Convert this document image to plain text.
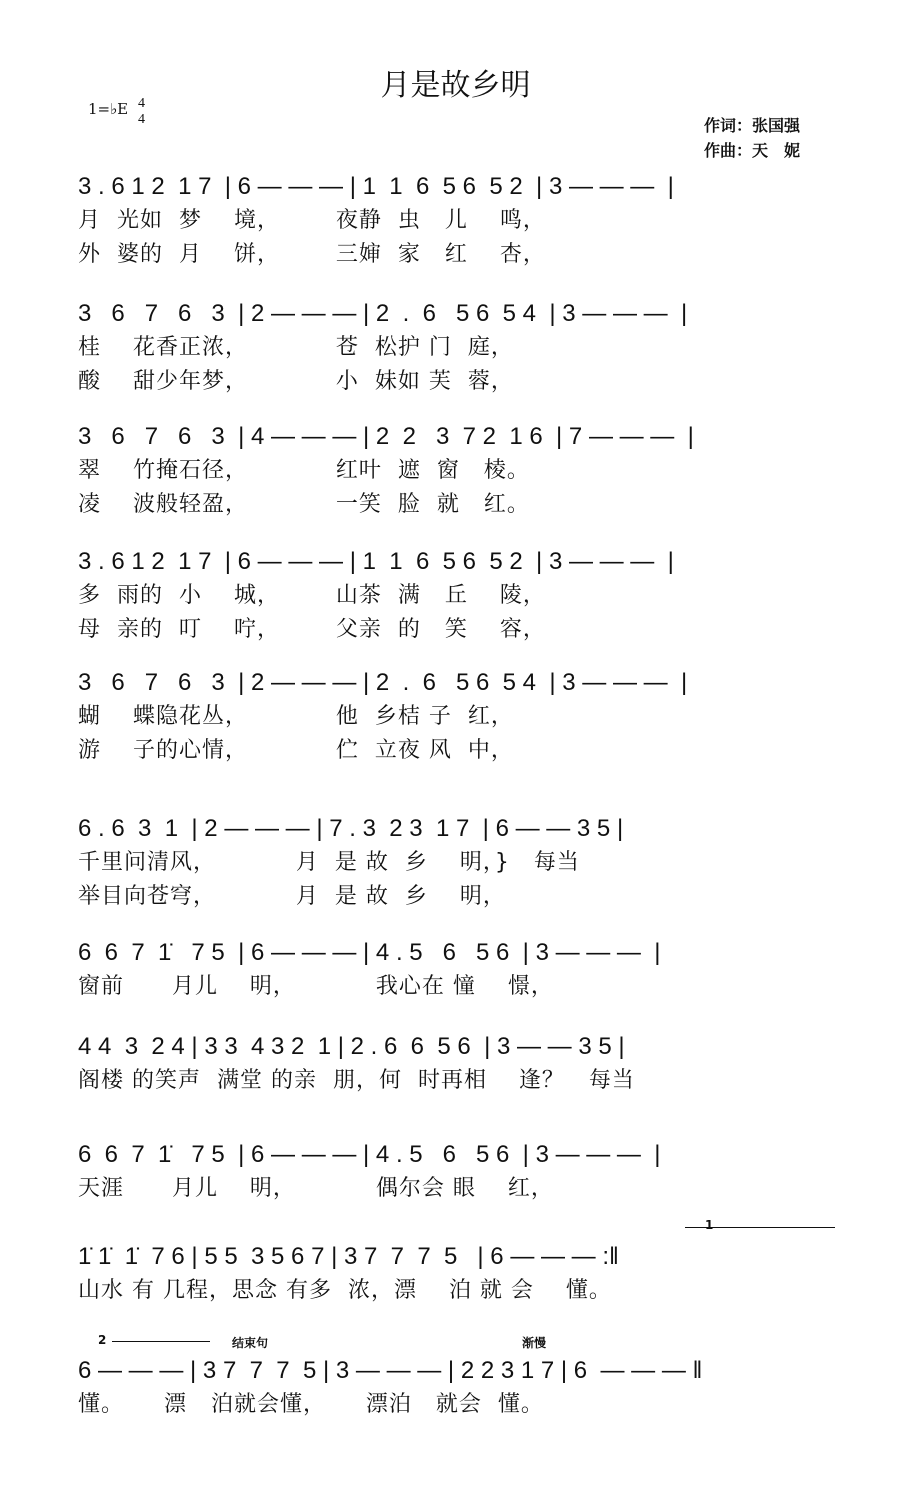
月是故乡明
1=♭E 4
4	作词：张国强
作曲：天　妮
1
2	结束句	渐慢
3 . 6 1 2  1 7  | 6 — — — | 1  1  6  5 6  5 2  | 3 — — —  |
月  光如  梦    境，       夜静  虫   儿    鸣，
外  婆的  月    饼，       三婶  家   红    杏，
3   6   7   6   3  | 2 — — — | 2  .  6   5 6  5 4  | 3 — — —  |
桂    花香正浓，           苍  松护 门  庭，
酸    甜少年梦，           小  妹如 芙  蓉，
3   6   7   6   3  | 4 — — — | 2  2   3  7 2  1 6  | 7 — — —  |
翠    竹掩石径，           红叶  遮  窗   棱。
凌    波般轻盈，           一笑  脸  就   红。
3 . 6 1 2  1 7  | 6 — — — | 1  1  6  5 6  5 2  | 3 — — —  |
多  雨的  小    城，       山茶  满   丘    陵，
母  亲的  叮    咛，       父亲  的   笑    容，
3   6   7   6   3  | 2 — — — | 2  .  6   5 6  5 4  | 3 — — —  |
蝴    蝶隐花丛，           他  乡桔 子  红，
游    子的心情，           伫  立夜 风  中，
6 . 6  3  1  | 2 — — — | 7 . 3  2 3  1 7  | 6 — — 3 5 |
千里问清风，          月  是 故  乡    明，}   每当
举目向苍穹，          月  是 故  乡    明，
6  6  7  1̇   7 5  | 6 — — — | 4 . 5   6   5 6  | 3 — — —  |
窗前      月儿    明，          我心在 憧    憬，
4 4  3  2 4 | 3 3  4 3 2  1 | 2 . 6  6  5 6  | 3 — — 3 5 |
阁楼 的笑声  满堂 的亲  朋，何  时再相    逢？   每当
6  6  7  1̇   7 5  | 6 — — — | 4 . 5   6   5 6  | 3 — — —  |
天涯      月儿    明，          偶尔会 眼    红，
1̇ 1̇  1̇  7 6 | 5 5  3 5 6 7 | 3 7  7  7  5   | 6 — — — :‖
山水 有 几程，思念 有多  浓，漂    泊 就 会    懂。
6 — — — | 3 7  7  7  5 | 3 — — — | 2 2 3 1 7 | 6  — — — ‖
懂。     漂   泊就会懂，     漂泊   就会  懂。
